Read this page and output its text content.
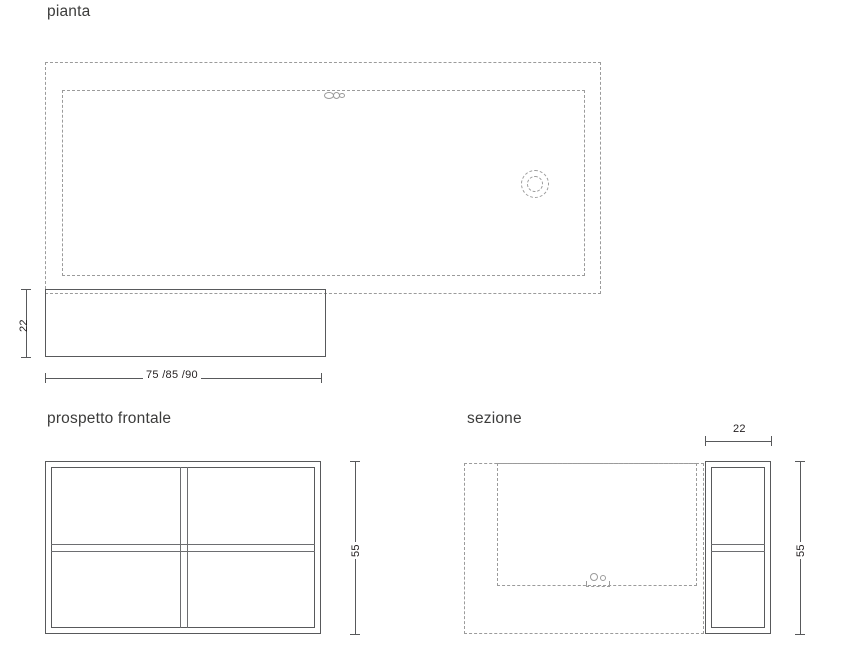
pianta
prospetto frontale	sezione
22
75 /85 /90
55
22
55
